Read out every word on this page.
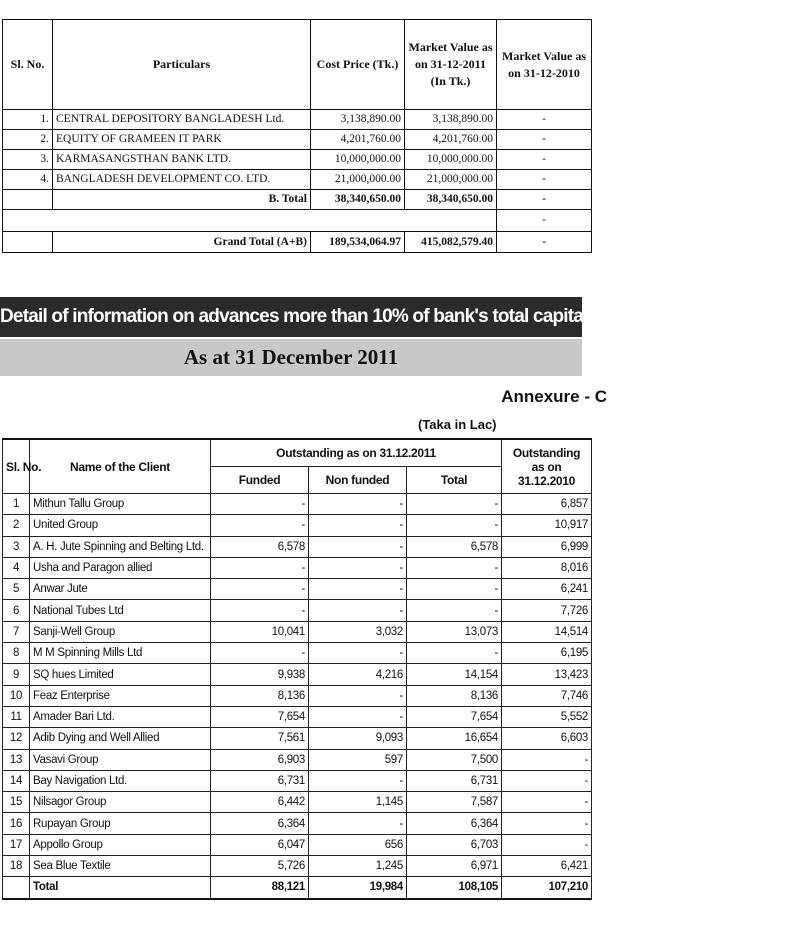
Sl. No.	Particulars	Cost Price (Tk.)	Market Value as on 31-12-2011 (In Tk.)	Market Value as on 31-12-2010
1.	CENTRAL DEPOSITORY BANGLADESH Ltd.	3,138,890.00	3,138,890.00	-
2.	EQUITY OF GRAMEEN IT PARK	4,201,760.00	4,201,760.00	-
3.	KARMASANGSTHAN BANK LTD.	10,000,000.00	10,000,000.00	-
4.	BANGLADESH DEVELOPMENT CO. LTD.	21,000,000.00	21,000,000.00	-
	B. Total	38,340,650.00	38,340,650.00	-
				-
	Grand Total (A+B)	189,534,064.97	415,082,579.40	-
Detail of information on advances more than 10% of bank's total capital (funded & non-funded):
As at 31 December 2011
Annexure - C
(Taka in Lac)
Sl. No.	Name of the Client	Outstanding as on 31.12.2011			Outstanding as on 31.12.2010
		Funded	Non funded	Total	
1	Mithun Tallu Group	-	-	-	6,857
2	United Group	-	-	-	10,917
3	A. H. Jute Spinning and Belting Ltd.	6,578	-	6,578	6,999
4	Usha and Paragon allied	-	-	-	8,016
5	Anwar Jute	-	-	-	6,241
6	National Tubes Ltd	-	-	-	7,726
7	Sanji-Well Group	10,041	3,032	13,073	14,514
8	M M Spinning Mills Ltd	-	-	-	6,195
9	SQ hues Limited	9,938	4,216	14,154	13,423
10	Feaz Enterprise	8,136	-	8,136	7,746
11	Amader Bari Ltd.	7,654	-	7,654	5,552
12	Adib Dying and Well Allied	7,561	9,093	16,654	6,603
13	Vasavi Group	6,903	597	7,500	-
14	Bay Navigation Ltd.	6,731	-	6,731	-
15	Nilsagor Group	6,442	1,145	7,587	-
16	Rupayan Group	6,364	-	6,364	-
17	Appollo Group	6,047	656	6,703	-
18	Sea Blue Textile	5,726	1,245	6,971	6,421
	Total	88,121	19,984	108,105	107,210
